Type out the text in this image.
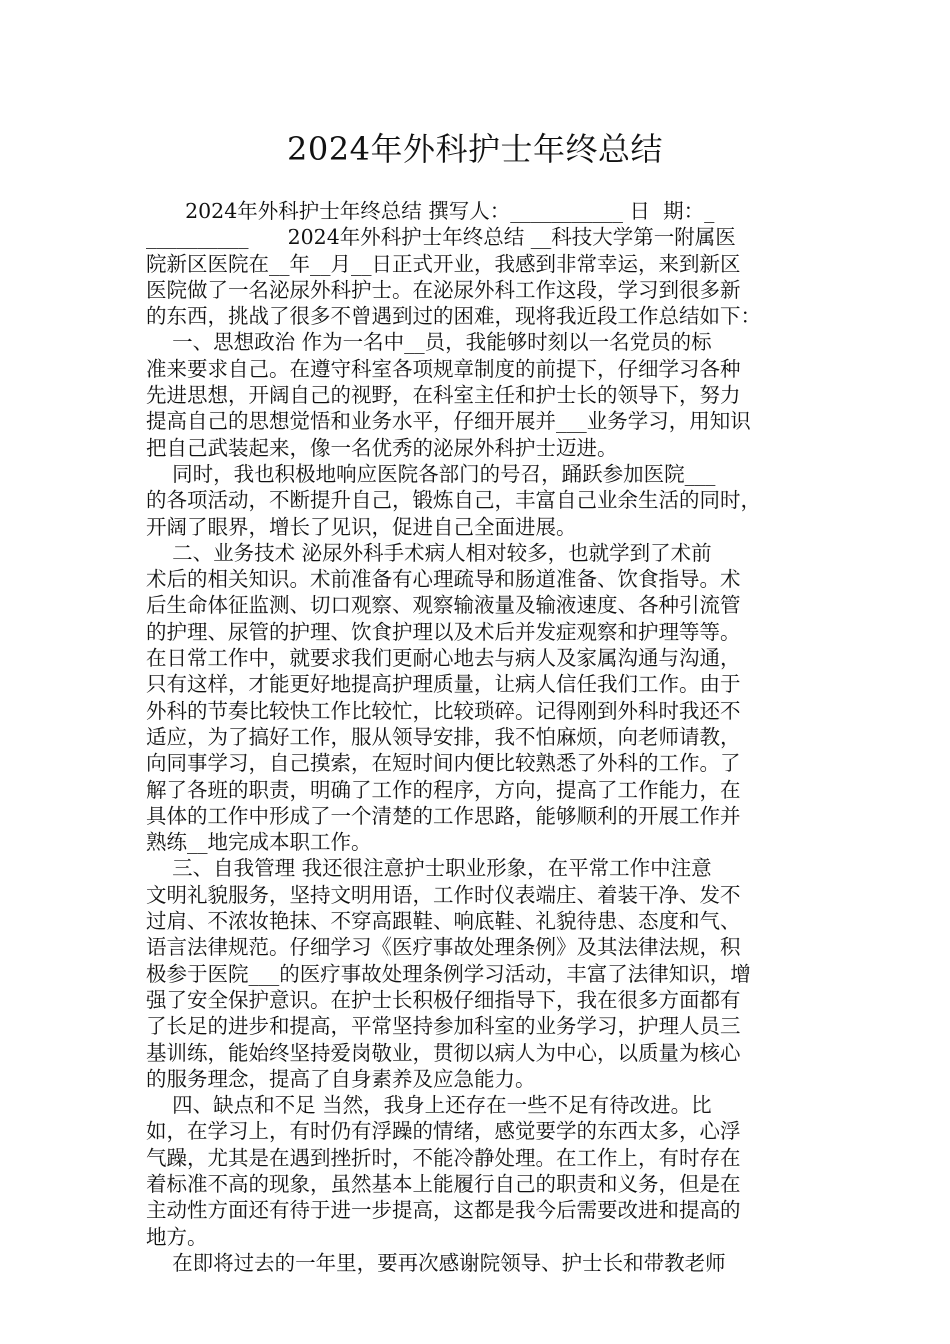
2024年外科护士年终总结
2024年外科护士年终总结 撰写人：___________ 日  期：_
__________      2024年外科护士年终总结 __科技大学第一附属医
院新区医院在__年__月__日正式开业，我感到非常幸运，来到新区
医院做了一名泌尿外科护士。在泌尿外科工作这段，学习到很多新
的东西，挑战了很多不曾遇到过的困难，现将我近段工作总结如下：
一、思想政治 作为一名中__员，我能够时刻以一名党员的标
准来要求自己。在遵守科室各项规章制度的前提下，仔细学习各种
先进思想，开阔自己的视野，在科室主任和护士长的领导下，努力
提高自己的思想觉悟和业务水平，仔细开展并___业务学习，用知识
把自己武装起来，像一名优秀的泌尿外科护士迈进。
同时，我也积极地响应医院各部门的号召，踊跃参加医院___
的各项活动，不断提升自己，锻炼自己，丰富自己业余生活的同时，
开阔了眼界，增长了见识，促进自己全面进展。
二、业务技术 泌尿外科手术病人相对较多，也就学到了术前
术后的相关知识。术前准备有心理疏导和肠道准备、饮食指导。术
后生命体征监测、切口观察、观察输液量及输液速度、各种引流管
的护理、尿管的护理、饮食护理以及术后并发症观察和护理等等。
在日常工作中，就要求我们更耐心地去与病人及家属沟通与沟通，
只有这样，才能更好地提高护理质量，让病人信任我们工作。由于
外科的节奏比较快工作比较忙，比较琐碎。记得刚到外科时我还不
适应，为了搞好工作，服从领导安排，我不怕麻烦，向老师请教，
向同事学习，自己摸索，在短时间内便比较熟悉了外科的工作。了
解了各班的职责，明确了工作的程序，方向，提高了工作能力，在
具体的工作中形成了一个清楚的工作思路，能够顺利的开展工作并
熟练__地完成本职工作。
三、自我管理 我还很注意护士职业形象，在平常工作中注意
文明礼貌服务，坚持文明用语，工作时仪表端庄、着装干净、发不
过肩、不浓妆艳抹、不穿高跟鞋、响底鞋、礼貌待患、态度和气、
语言法律规范。仔细学习《医疗事故处理条例》及其法律法规，积
极参于医院___的医疗事故处理条例学习活动，丰富了法律知识，增
强了安全保护意识。在护士长积极仔细指导下，我在很多方面都有
了长足的进步和提高，平常坚持参加科室的业务学习，护理人员三
基训练，能始终坚持爱岗敬业，贯彻以病人为中心，以质量为核心
的服务理念，提高了自身素养及应急能力。
四、缺点和不足 当然，我身上还存在一些不足有待改进。比
如，在学习上，有时仍有浮躁的情绪，感觉要学的东西太多，心浮
气躁，尤其是在遇到挫折时，不能冷静处理。在工作上，有时存在
着标准不高的现象，虽然基本上能履行自己的职责和义务，但是在
主动性方面还有待于进一步提高，这都是我今后需要改进和提高的
地方。
在即将过去的一年里，要再次感谢院领导、护士长和带教老师
